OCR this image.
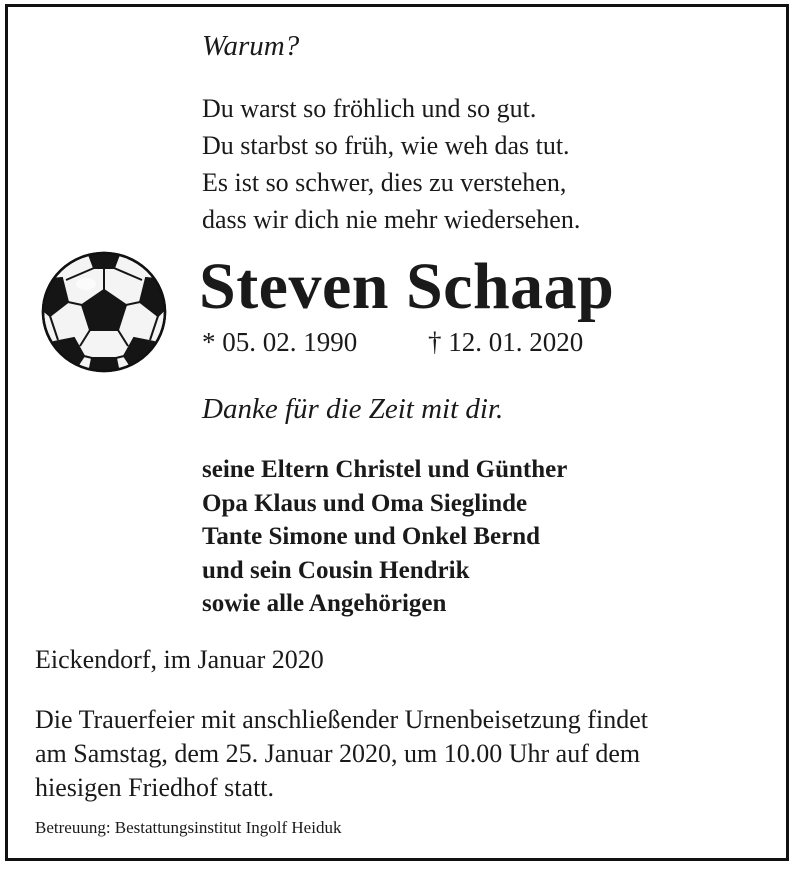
Warum?
Du warst so fröhlich und so gut.
Du starbst so früh, wie weh das tut.
Es ist so schwer, dies zu verstehen,
dass wir dich nie mehr wiedersehen.
Steven Schaap
* 05. 02. 1990	† 12. 01. 2020
Danke für die Zeit mit dir.
seine Eltern Christel und Günther
Opa Klaus und Oma Sieglinde
Tante Simone und Onkel Bernd
und sein Cousin Hendrik
sowie alle Angehörigen
Eickendorf, im Januar 2020
Die Trauerfeier mit anschließender Urnenbeisetzung findet
am Samstag, dem 25. Januar 2020, um 10.00 Uhr auf dem
hiesigen Friedhof statt.
Betreuung: Bestattungsinstitut Ingolf Heiduk
